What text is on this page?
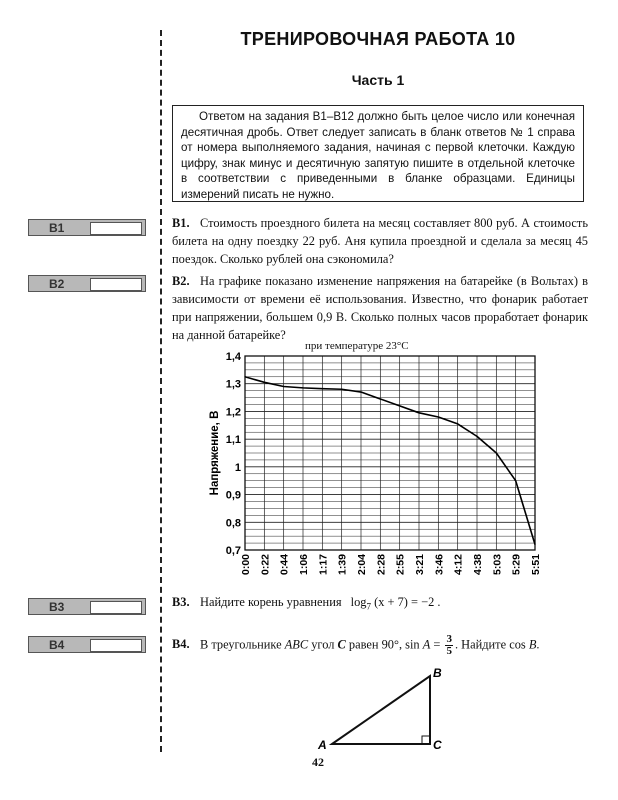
ТРЕНИРОВОЧНАЯ РАБОТА 10
Часть 1
Ответом на задания B1–B12 должно быть целое число или конечная десятичная дробь. Ответ следует записать в бланк ответов № 1 справа от номера выполняемого задания, начиная с первой клеточки. Каждую цифру, знак минус и десятичную запятую пишите в отдельной клеточке в соответствии с приведенными в бланке образцами. Единицы измерений писать не нужно.
B1
B2
B3
B4
B1. Стоимость проездного билета на месяц составляет 800 руб. А стоимость билета на одну поездку 22 руб. Аня купила проездной и сделала за месяц 45 поездок. Сколько рублей она сэкономила?
B2. На графике показано изменение напряжения на батарейке (в Вольтах) в зависимости от времени её использования. Известно, что фонарик работает при напряжении, большем 0,9 В. Сколько полных часов проработает фонарик на данной батарейке?
при температуре 23°С
0,7
0,8
0,9
1
1,1
1,2
1,3
1,4
0:00 0:22 0:44 1:06 1:17 1:39 2:04 2:28 2:55 3:21 3:46 4:12 4:38 5:03 5:29 5:51
Напряжение, В
B3. Найдите корень уравнения $\log_7 (x + 7) = -2$ .
B4. В треугольнике ABC угол C равен 90°, $\sin A = \frac{3}{5}$ . Найдите cos B.
A
B
C
42
